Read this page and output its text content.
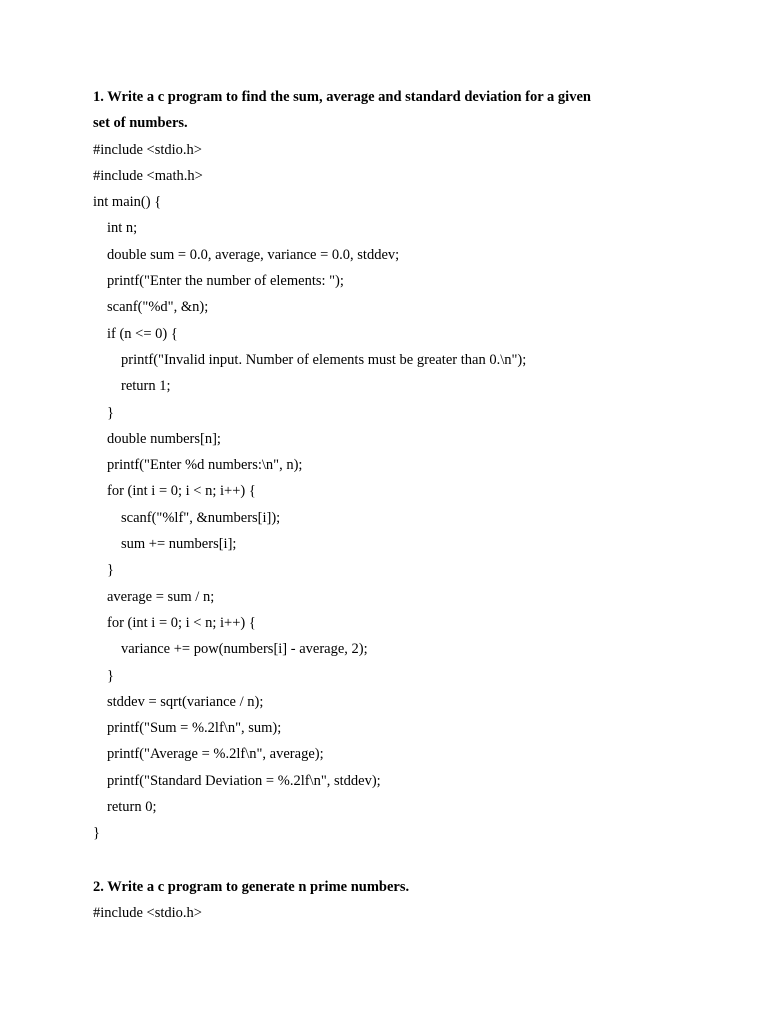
1. Write a c program to find the sum, average and standard deviation for a given
set of numbers.
#include <stdio.h>
#include <math.h>
int main() {
int n;
double sum = 0.0, average, variance = 0.0, stddev;
printf("Enter the number of elements: ");
scanf("%d", &n);
if (n <= 0) {
printf("Invalid input. Number of elements must be greater than 0.\n");
return 1;
}
double numbers[n];
printf("Enter %d numbers:\n", n);
for (int i = 0; i < n; i++) {
scanf("%lf", &numbers[i]);
sum += numbers[i];
}
average = sum / n;
for (int i = 0; i < n; i++) {
variance += pow(numbers[i] - average, 2);
}
stddev = sqrt(variance / n);
printf("Sum = %.2lf\n", sum);
printf("Average = %.2lf\n", average);
printf("Standard Deviation = %.2lf\n", stddev);
return 0;
}
2. Write a c program to generate n prime numbers.
#include <stdio.h>
